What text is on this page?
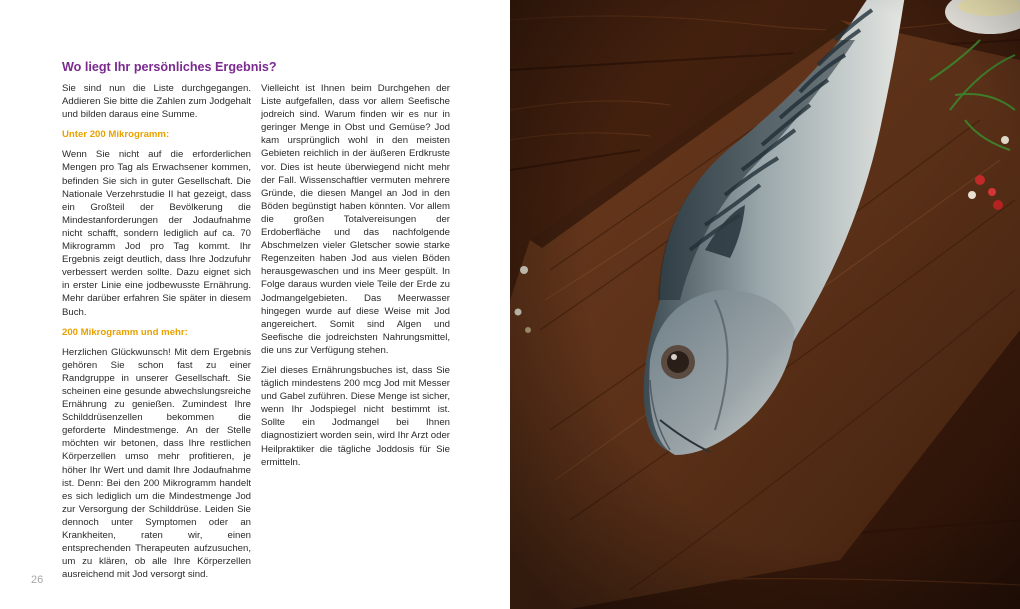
Wo liegt Ihr persönliches Ergebnis?

Sie sind nun die Liste durchgegangen. Addieren Sie bitte die Zahlen zum Jodgehalt und bilden daraus eine Summe.

Unter 200 Mikrogramm:

Wenn Sie nicht auf die erforderlichen Mengen pro Tag als Erwachsener kommen, befinden Sie sich in guter Gesellschaft. Die Nationale Verzehrstudie II hat gezeigt, dass ein Großteil der Bevölkerung die Mindestanforderungen der Jodaufnahme nicht schafft, sondern lediglich auf ca. 70 Mikrogramm Jod pro Tag kommt. Ihr Ergebnis zeigt deutlich, dass Ihre Jodzufuhr verbessert werden sollte. Dazu eignet sich in erster Linie eine jodbewusste Ernährung. Mehr darüber erfahren Sie später in diesem Buch.

200 Mikrogramm und mehr:

Herzlichen Glückwunsch! Mit dem Ergebnis gehören Sie schon fast zu einer Randgruppe in unserer Gesellschaft. Sie scheinen eine gesunde abwechslungsreiche Ernährung zu genießen. Zumindest Ihre Schilddrüsenzellen bekommen die geforderte Mindestmenge. An der Stelle möchten wir betonen, dass Ihre restlichen Körperzellen umso mehr profitieren, je höher Ihr Wert und damit Ihre Jodaufnahme ist. Denn: Bei den 200 Mikrogramm handelt es sich lediglich um die Mindestmenge Jod zur Versorgung der Schilddrüse. Leiden Sie dennoch unter Symptomen oder an Krankheiten, raten wir, einen entsprechenden Therapeuten aufzusuchen, um zu klären, ob alle Ihre Körperzellen ausreichend mit Jod versorgt sind.

Vielleicht ist Ihnen beim Durchgehen der Liste aufgefallen, dass vor allem Seefische jodreich sind. Warum finden wir es nur in geringer Menge in Obst und Gemüse? Jod kam ursprünglich wohl in den meisten Gebieten reichlich in der äußeren Erdkruste vor. Dies ist heute überwiegend nicht mehr der Fall. Wissenschaftler vermuten mehrere Gründe, die diesen Mangel an Jod in den Böden begünstigt haben könnten. Vor allem die großen Totalvereisungen der Erdoberfläche und das nachfolgende Abschmelzen vieler Gletscher sowie starke Regenzeiten haben Jod aus vielen Böden herausgewaschen und ins Meer gespült. In Folge daraus wurden viele Teile der Erde zu Jodmangelgebieten. Das Meerwasser hingegen wurde auf diese Weise mit Jod angereichert. Somit sind Algen und Seefische die jodreichsten Nahrungsmittel, die uns zur Verfügung stehen.

Ziel dieses Ernährungsbuches ist, dass Sie täglich mindestens 200 mcg Jod mit Messer und Gabel zuführen. Diese Menge ist sicher, wenn Ihr Jodspiegel nicht bestimmt ist. Sollte ein Jodmangel bei Ihnen diagnostiziert worden sein, wird Ihr Arzt oder Heilpraktiker die tägliche Joddosis für Sie ermitteln.

26
